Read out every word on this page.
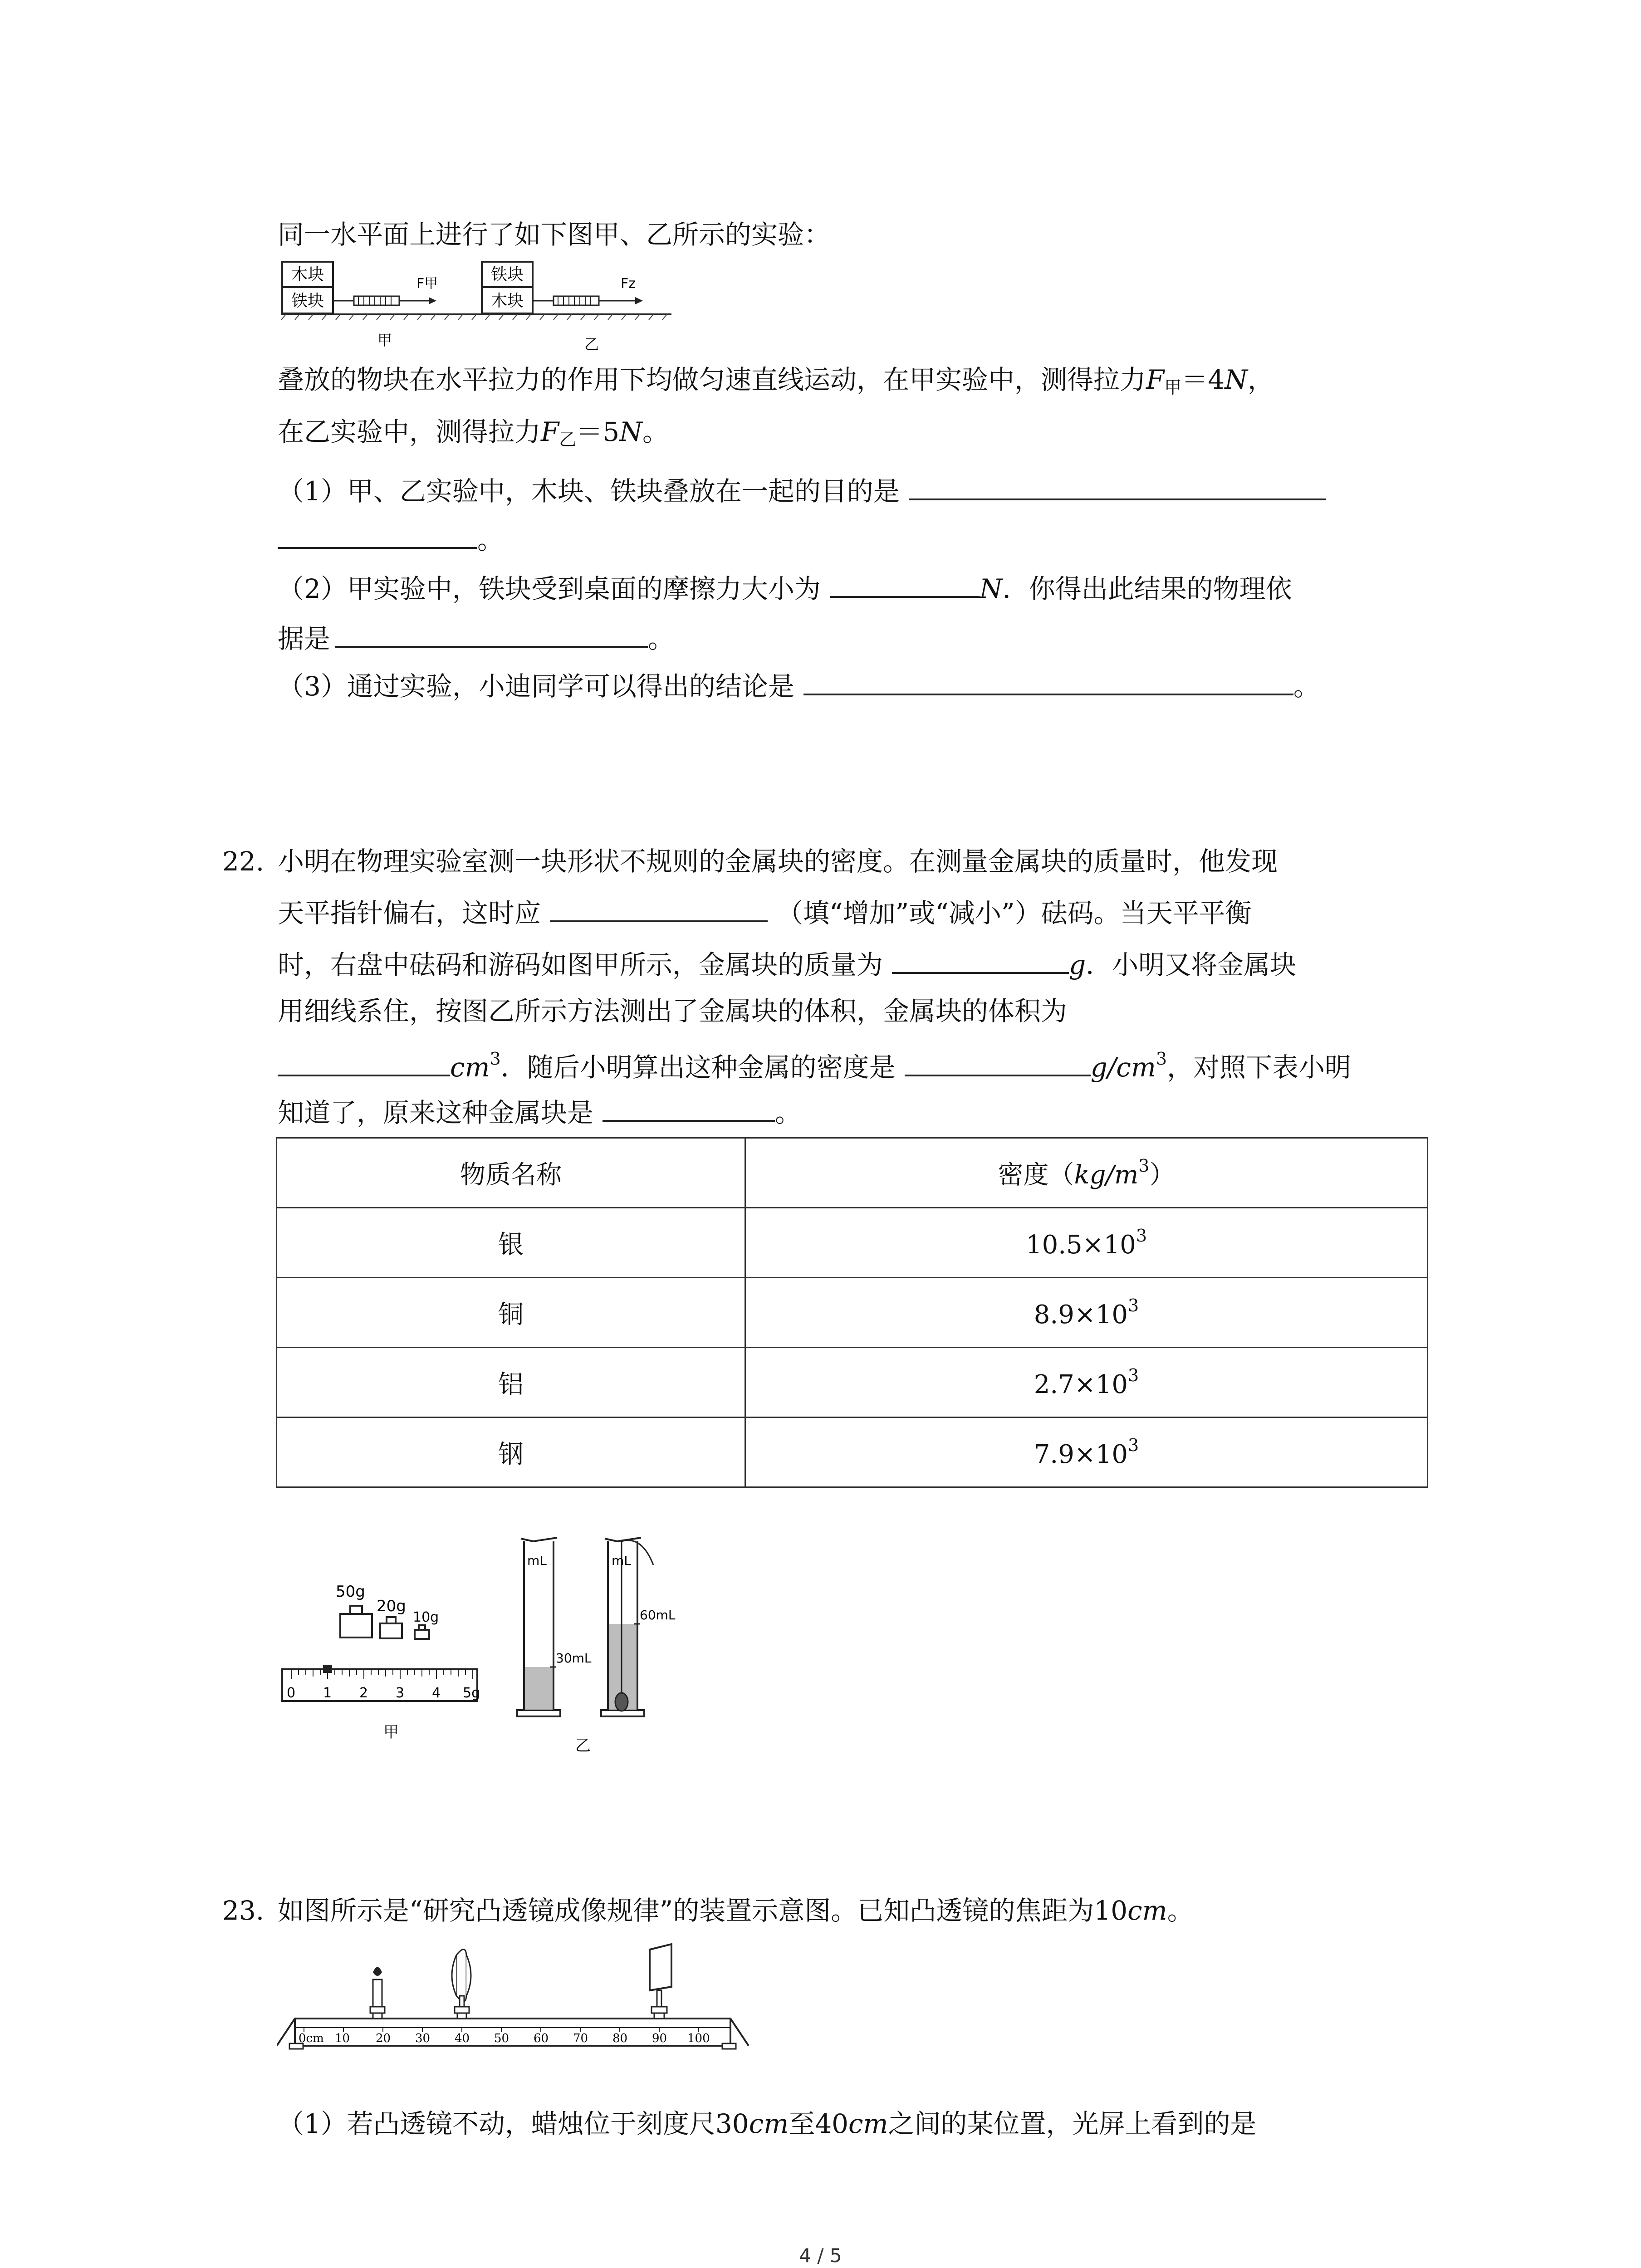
同一水平面上进行了如下图甲、乙所示的实验：
木块
铁块
F甲
甲
铁块
木块
Fz
乙
叠放的物块在水平拉力的作用下均做匀速直线运动，在甲实验中，测得拉力$F_甲=4N$，
在乙实验中，测得拉力$F_乙=5N$。
（1）甲、乙实验中，木块、铁块叠放在一起的目的是
。
（2）甲实验中，铁块受到桌面的摩擦力大小为	N．你得出此结果的物理依
据是	。
（3）通过实验，小迪同学可以得出的结论是	。
22. 小明在物理实验室测一块形状不规则的金属块的密度。在测量金属块的质量时，他发现
天平指针偏右，这时应	（填“增加”或“减小”）砝码。当天平平衡
时，右盘中砝码和游码如图甲所示，金属块的质量为	g．小明又将金属块
用细线系住，按图乙所示方法测出了金属块的体积，金属块的体积为
$cm^3$．随后小明算出这种金属的密度是	$g/cm^3$，对照下表小明
知道了，原来这种金属块是	。
物质名称	密度$(kg/m^3)$
银	$10.5\times 10^3$
铜	$8.9\times 10^3$
铝	$2.7\times 10^3$
钢	$7.9\times 10^3$
50g
20g
10g
0 1 2 3 4 5g
甲
mL
30mL
mL
60mL
乙
23. 如图所示是“研究凸透镜成像规律”的装置示意图。已知凸透镜的焦距为10cm。
0cm 10 20 30 40 50 60 70 80 90 100
（1）若凸透镜不动，蜡烛位于刻度尺30cm至40cm之间的某位置，光屏上看到的是
4 / 5
